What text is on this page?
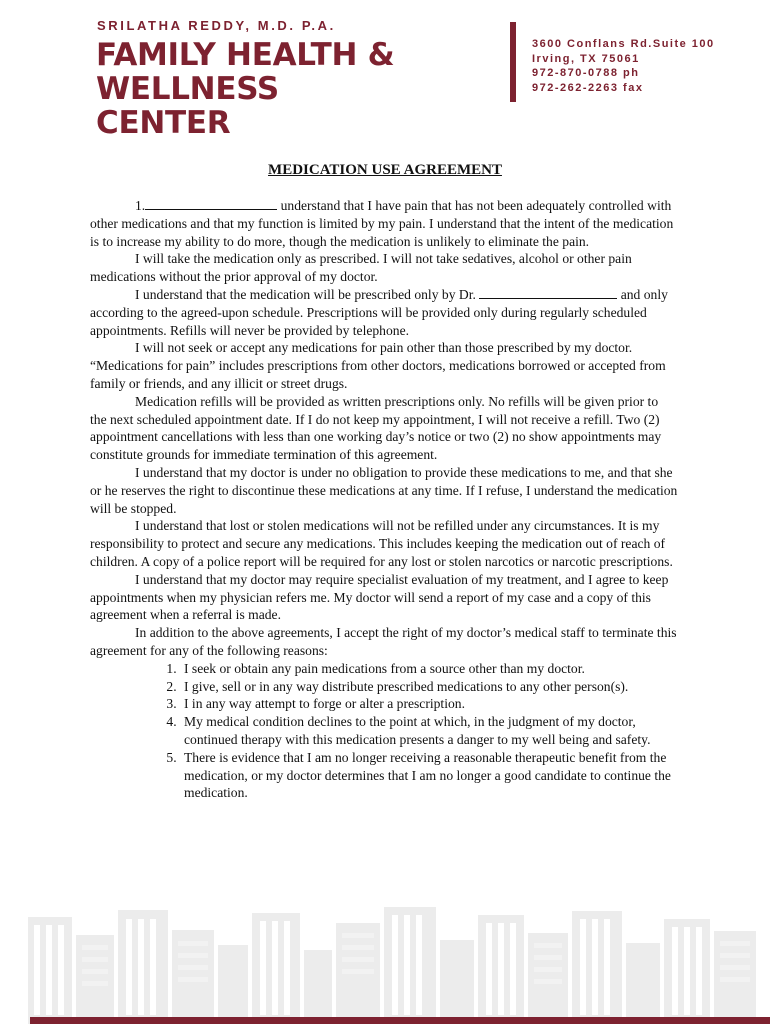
SRILATHA REDDY, M.D. P.A.
FAMILY HEALTH &
WELLNESS
CENTER
3600 Conflans Rd.Suite 100
Irving, TX 75061
972-870-0788 ph
972-262-2263 fax
MEDICATION USE AGREEMENT

1.	understand that I have pain that has not been adequately controlled with other medications and that my function is limited by my pain. I understand that the intent of the medication is to increase my ability to do more, though the medication is unlikely to eliminate the pain.

I will take the medication only as prescribed. I will not take sedatives, alcohol or other pain medications without the prior approval of my doctor.

I understand that the medication will be prescribed only by Dr.	and only according to the agreed-upon schedule. Prescriptions will be provided only during regularly scheduled appointments. Refills will never be provided by telephone.

I will not seek or accept any medications for pain other than those prescribed by my doctor. “Medications for pain” includes prescriptions from other doctors, medications borrowed or accepted from family or friends, and any illicit or street drugs.

Medication refills will be provided as written prescriptions only. No refills will be given prior to the next scheduled appointment date. If I do not keep my appointment, I will not receive a refill. Two (2) appointment cancellations with less than one working day’s notice or two (2) no show appointments may constitute grounds for immediate termination of this agreement.

I understand that my doctor is under no obligation to provide these medications to me, and that she or he reserves the right to discontinue these medications at any time. If I refuse, I understand the medication will be stopped.

I understand that lost or stolen medications will not be refilled under any circumstances. It is my responsibility to protect and secure any medications. This includes keeping the medication out of reach of children. A copy of a police report will be required for any lost or stolen narcotics or narcotic prescriptions.

I understand that my doctor may require specialist evaluation of my treatment, and I agree to keep appointments when my physician refers me. My doctor will send a report of my case and a copy of this agreement when a referral is made.

In addition to the above agreements, I accept the right of my doctor’s medical staff to terminate this agreement for any of the following reasons:

1. I seek or obtain any pain medications from a source other than my doctor.
2. I give, sell or in any way distribute prescribed medications to any other person(s).
3. I in any way attempt to forge or alter a prescription.
4. My medical condition declines to the point at which, in the judgment of my doctor, continued therapy with this medication presents a danger to my well being and safety.
5. There is evidence that I am no longer receiving a reasonable therapeutic benefit from the medication, or my doctor determines that I am no longer a good candidate to continue the medication.
